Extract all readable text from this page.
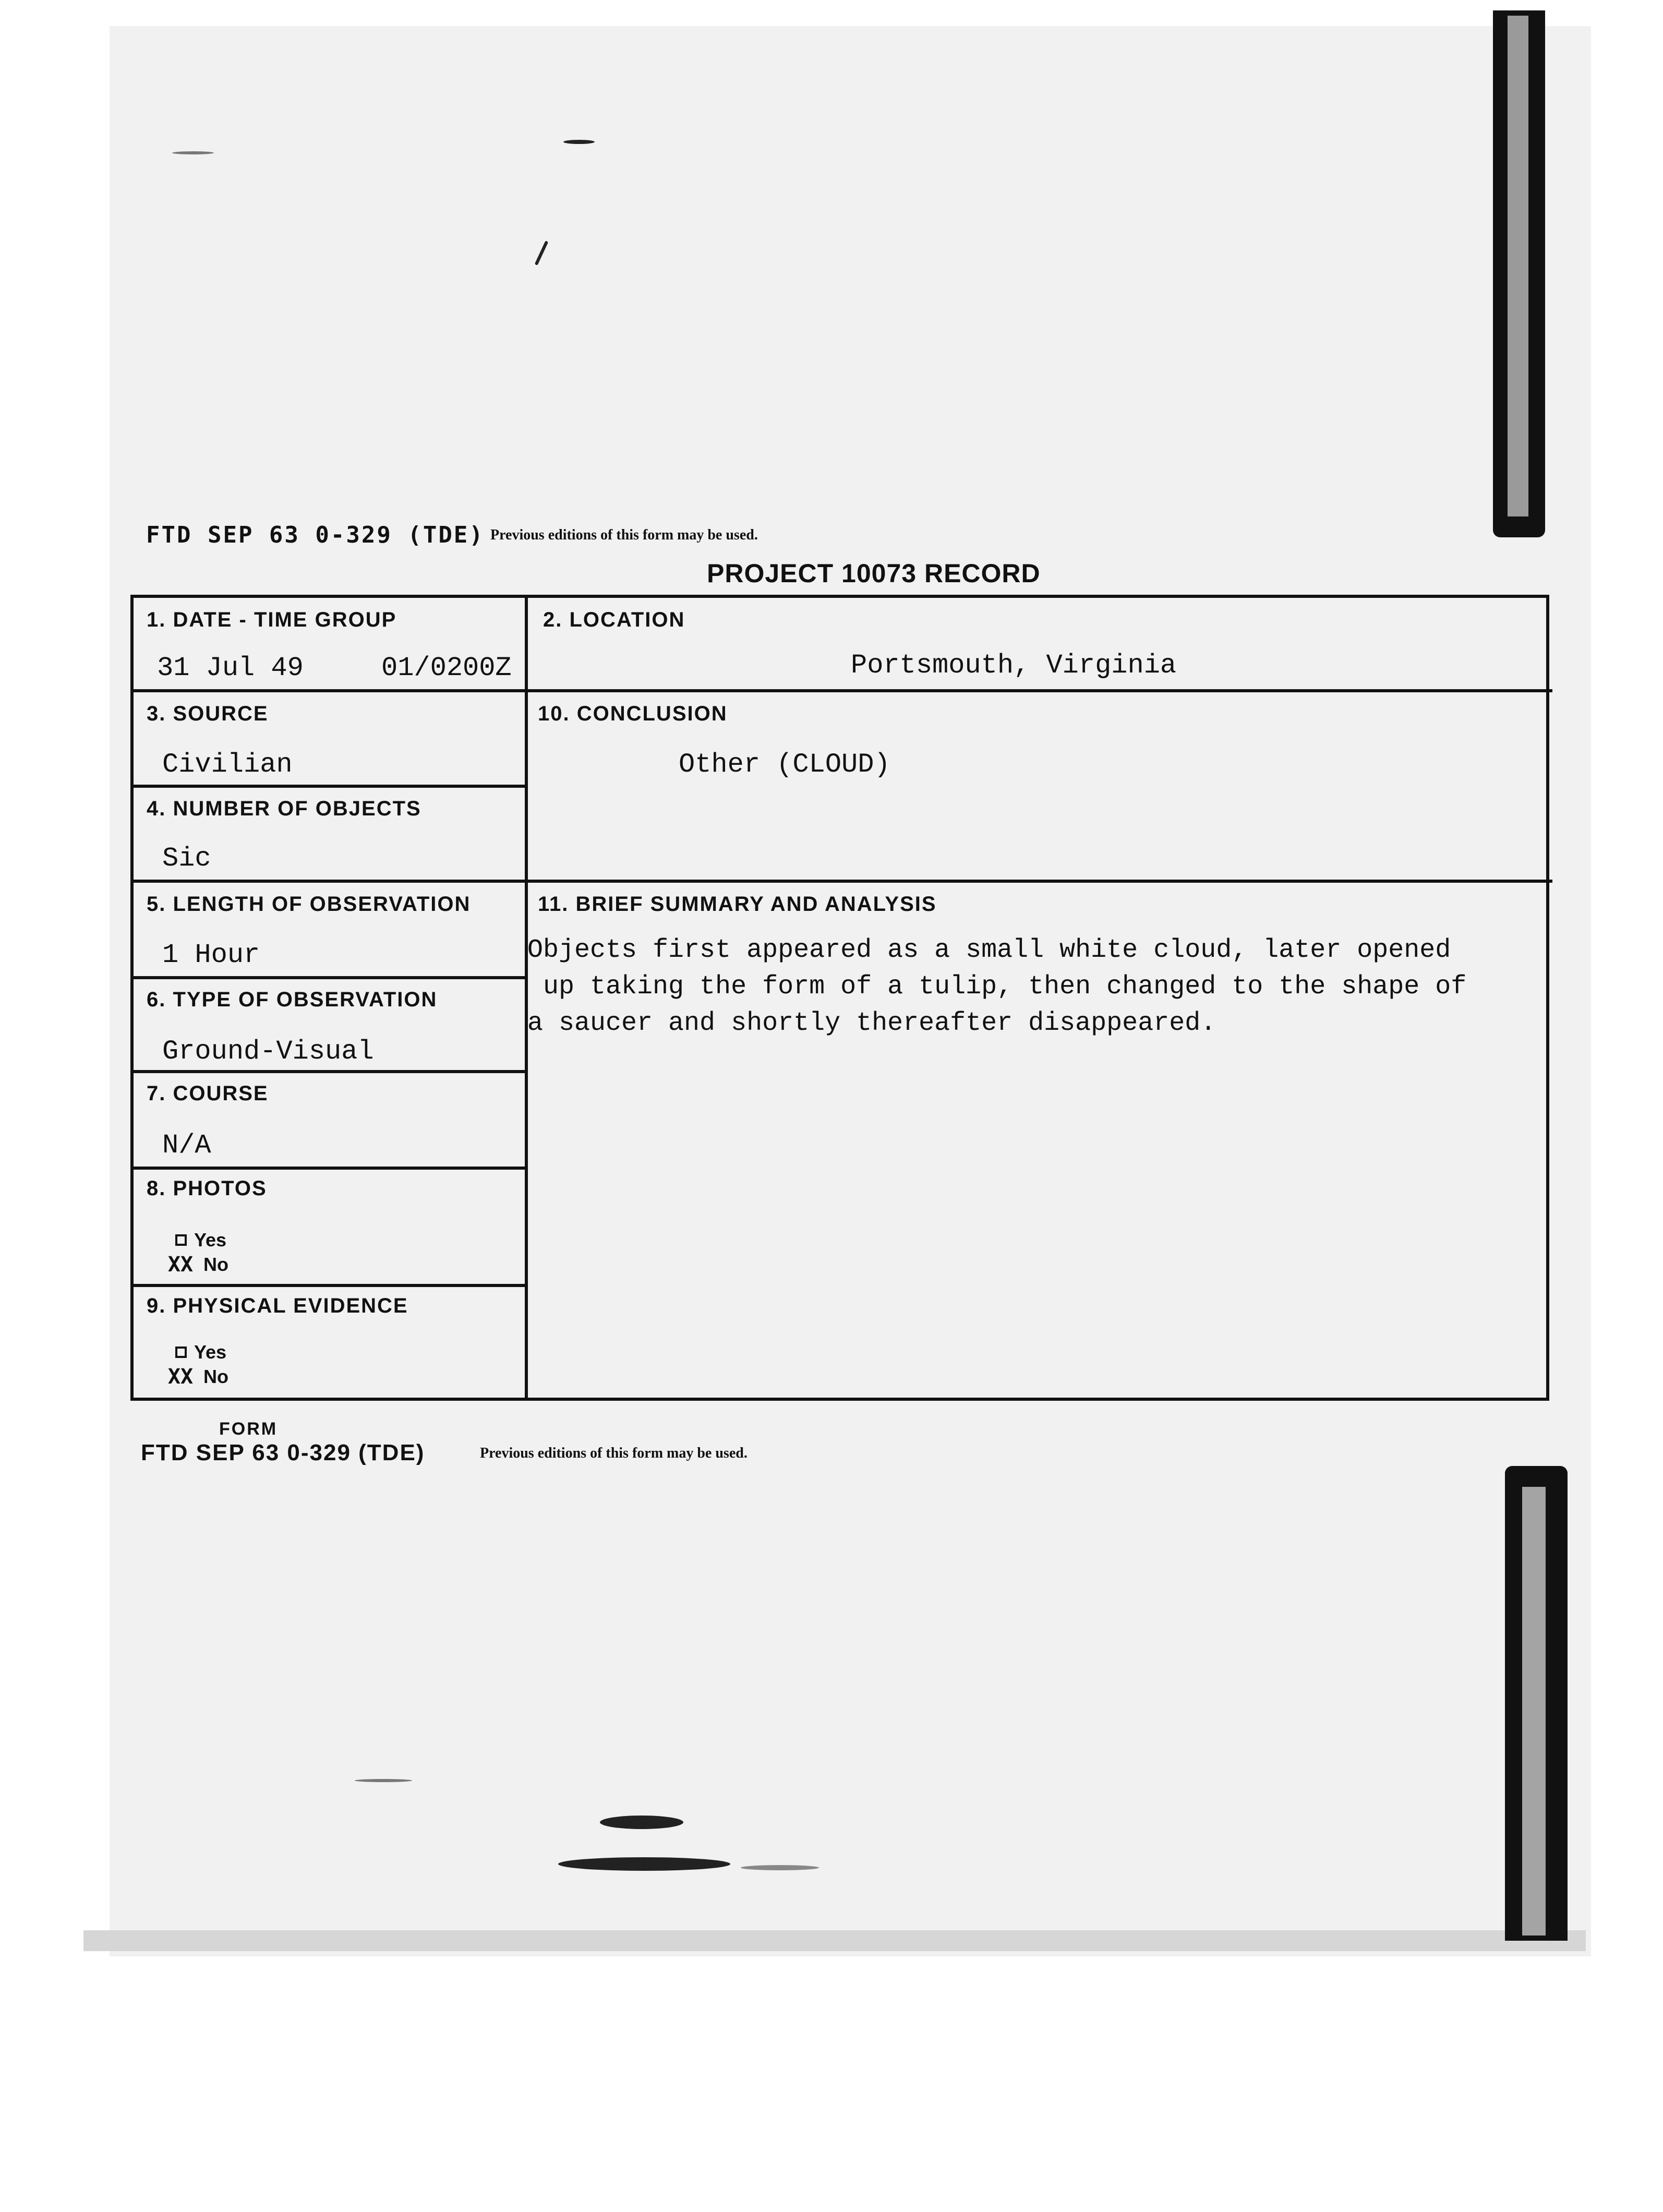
FTD SEP 63 0-329 (TDE) Previous editions of this form may be used.
PROJECT 10073 RECORD
1. DATE - TIME GROUP
31 Jul 49	01/0200Z
2. LOCATION
Portsmouth, Virginia
3. SOURCE
Civilian
4. NUMBER OF OBJECTS
Sic
5. LENGTH OF OBSERVATION
1 Hour
6. TYPE OF OBSERVATION
Ground-Visual
7. COURSE
N/A
8. PHOTOS
Yes
XX No
9. PHYSICAL EVIDENCE
Yes
XX No
10. CONCLUSION
Other (CLOUD)
11. BRIEF SUMMARY AND ANALYSIS
Objects first appeared as a small white cloud, later opened
up taking the form of a tulip, then changed to the shape of
a saucer and shortly thereafter disappeared.
FORM
FTD SEP 63 0-329 (TDE)	Previous editions of this form may be used.
